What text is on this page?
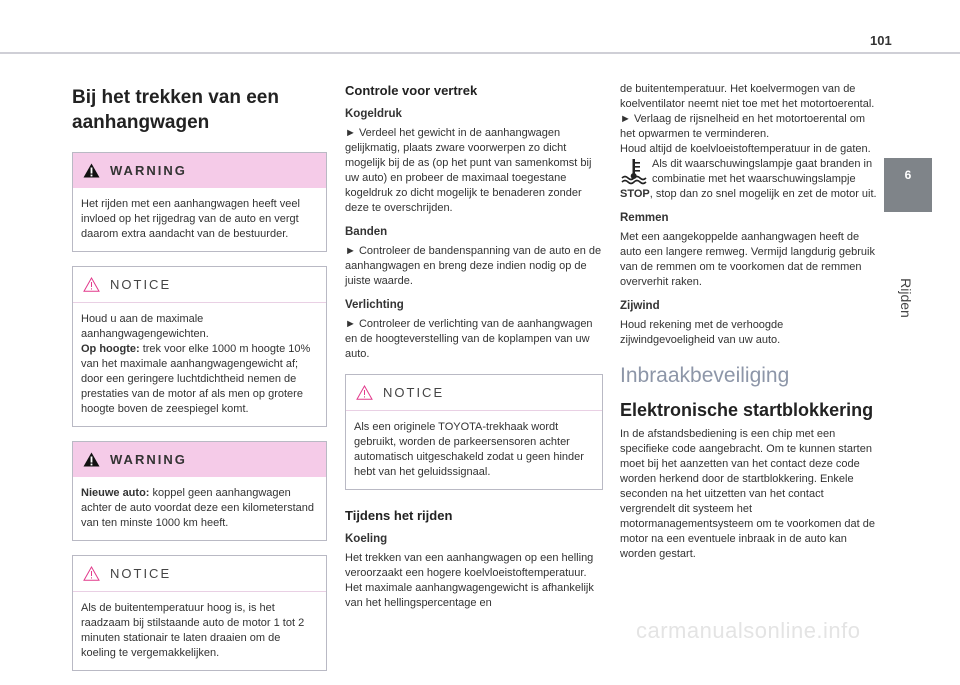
101
6
Rijden
Bij het trekken van een
aanhangwagen
WARNING
Het rijden met een aanhangwagen heeft veel invloed op het rijgedrag van de auto en vergt daarom extra aandacht van de bestuurder.
NOTICE
Houd u aan de maximale aanhangwagengewichten.
Op hoogte: trek voor elke 1000 m hoogte 10% van het maximale aanhangwagengewicht af; door een geringere luchtdichtheid nemen de prestaties van de motor af als men op grotere hoogte boven de zeespiegel komt.
WARNING
Nieuwe auto: koppel geen aanhangwagen achter de auto voordat deze een kilometerstand van ten minste 1000 km heeft.
NOTICE
Als de buitentemperatuur hoog is, is het raadzaam bij stilstaande auto de motor 1 tot 2 minuten stationair te laten draaien om de koeling te vergemakkelijken.
Controle voor vertrek
Kogeldruk

► Verdeel het gewicht in de aanhangwagen gelijkmatig, plaats zware voorwerpen zo dicht mogelijk bij de as (op het punt van samenkomst bij uw auto) en probeer de maximaal toegestane kogeldruk zo dicht mogelijk te benaderen zonder deze te overschrijden.

Banden

► Controleer de bandenspanning van de auto en de aanhangwagen en breng deze indien nodig op de juiste waarde.

Verlichting

► Controleer de verlichting van de aanhangwagen en de hoogteverstelling van de koplampen van uw auto.

NOTICE
Als een originele TOYOTA-trekhaak wordt gebruikt, worden de parkeersensoren achter automatisch uitgeschakeld zodat u geen hinder hebt van het geluidssignaal.
Tijdens het rijden
Koeling

Het trekken van een aanhangwagen op een helling veroorzaakt een hogere koelvloeistoftemperatuur. Het maximale aanhangwagengewicht is afhankelijk van het hellingspercentage en

de buitentemperatuur. Het koelvermogen van de koelventilator neemt niet toe met het motortoerental.

► Verlaag de rijsnelheid en het motortoerental om het opwarmen te verminderen.

Houd altijd de koelvloeistoftemperatuur in de gaten.

Als dit waarschuwingslampje gaat branden in combinatie met het waarschuwingslampje

STOP, stop dan zo snel mogelijk en zet de motor uit.

Remmen

Met een aangekoppelde aanhangwagen heeft de auto een langere remweg. Vermijd langdurig gebruik van de remmen om te voorkomen dat de remmen oververhit raken.

Zijwind

Houd rekening met de verhoogde zijwindgevoeligheid van uw auto.

Inbraakbeveiliging
Elektronische startblokkering

In de afstandsbediening is een chip met een specifieke code aangebracht. Om te kunnen starten moet bij het aanzetten van het contact deze code worden herkend door de startblokkering. Enkele seconden na het uitzetten van het contact vergrendelt dit systeem het motormanagementsysteem om te voorkomen dat de motor na een eventuele inbraak in de auto kan worden gestart.

carmanualsonline.info
